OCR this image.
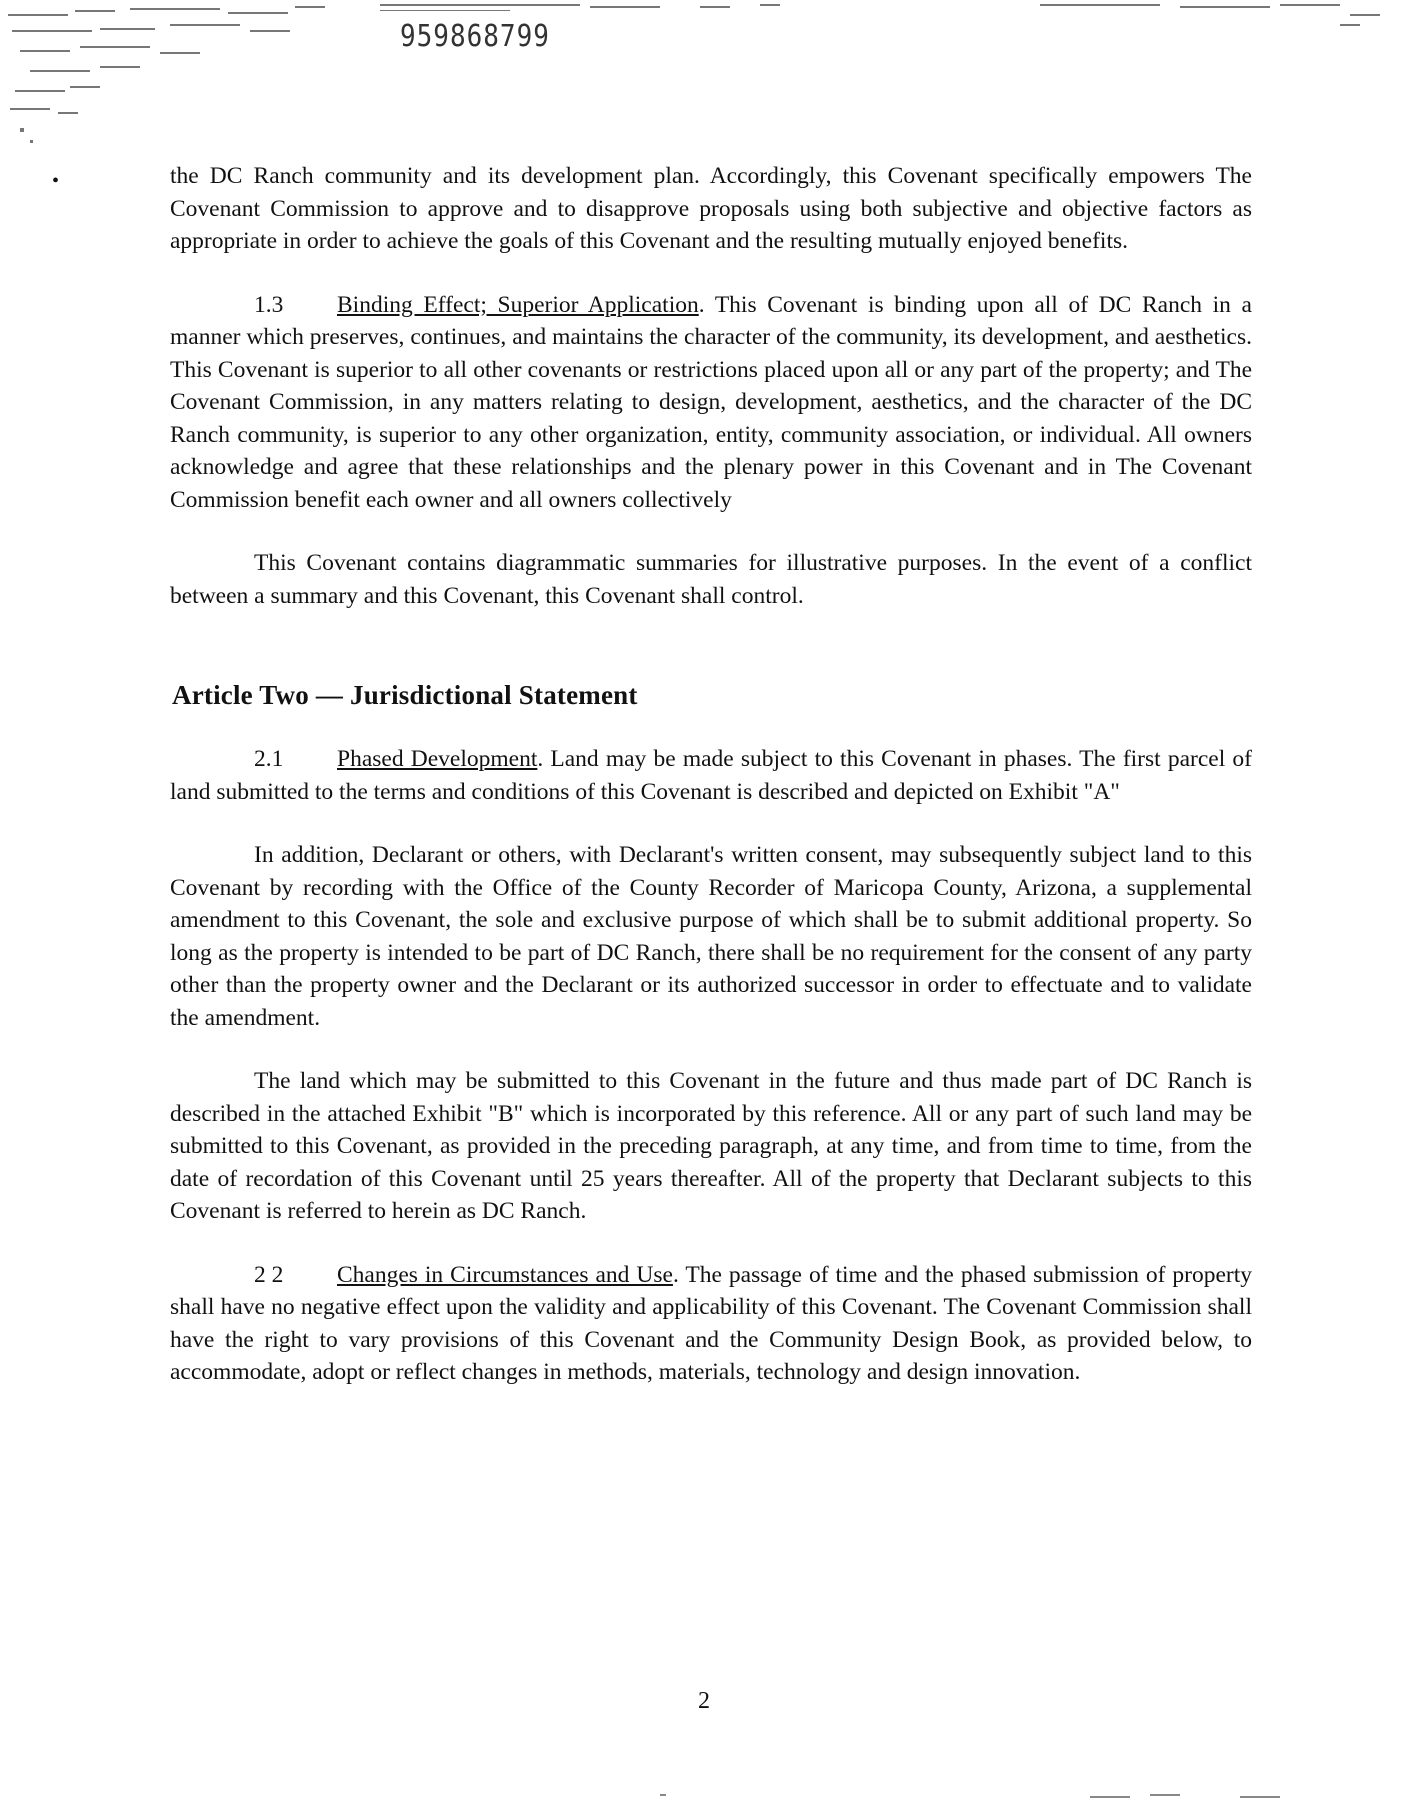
959868799
•	the DC Ranch community and its development plan. Accordingly, this Covenant specifically empowers The Covenant Commission to approve and to disapprove proposals using both subjective and objective factors as appropriate in order to achieve the goals of this Covenant and the resulting mutually enjoyed benefits.

1.3 Binding Effect; Superior Application. This Covenant is binding upon all of DC Ranch in a manner which preserves, continues, and maintains the character of the community, its development, and aesthetics. This Covenant is superior to all other covenants or restrictions placed upon all or any part of the property; and The Covenant Commission, in any matters relating to design, development, aesthetics, and the character of the DC Ranch community, is superior to any other organization, entity, community association, or individual. All owners acknowledge and agree that these relationships and the plenary power in this Covenant and in The Covenant Commission benefit each owner and all owners collectively

This Covenant contains diagrammatic summaries for illustrative purposes. In the event of a conflict between a summary and this Covenant, this Covenant shall control.

Article Two — Jurisdictional Statement

2.1 Phased Development. Land may be made subject to this Covenant in phases. The first parcel of land submitted to the terms and conditions of this Covenant is described and depicted on Exhibit "A"

In addition, Declarant or others, with Declarant's written consent, may subsequently subject land to this Covenant by recording with the Office of the County Recorder of Maricopa County, Arizona, a supplemental amendment to this Covenant, the sole and exclusive purpose of which shall be to submit additional property. So long as the property is intended to be part of DC Ranch, there shall be no requirement for the consent of any party other than the property owner and the Declarant or its authorized successor in order to effectuate and to validate the amendment.

The land which may be submitted to this Covenant in the future and thus made part of DC Ranch is described in the attached Exhibit "B" which is incorporated by this reference. All or any part of such land may be submitted to this Covenant, as provided in the preceding paragraph, at any time, and from time to time, from the date of recordation of this Covenant until 25 years thereafter. All of the property that Declarant subjects to this Covenant is referred to herein as DC Ranch.

2 2 Changes in Circumstances and Use. The passage of time and the phased submission of property shall have no negative effect upon the validity and applicability of this Covenant. The Covenant Commission shall have the right to vary provisions of this Covenant and the Community Design Book, as provided below, to accommodate, adopt or reflect changes in methods, materials, technology and design innovation.

2
